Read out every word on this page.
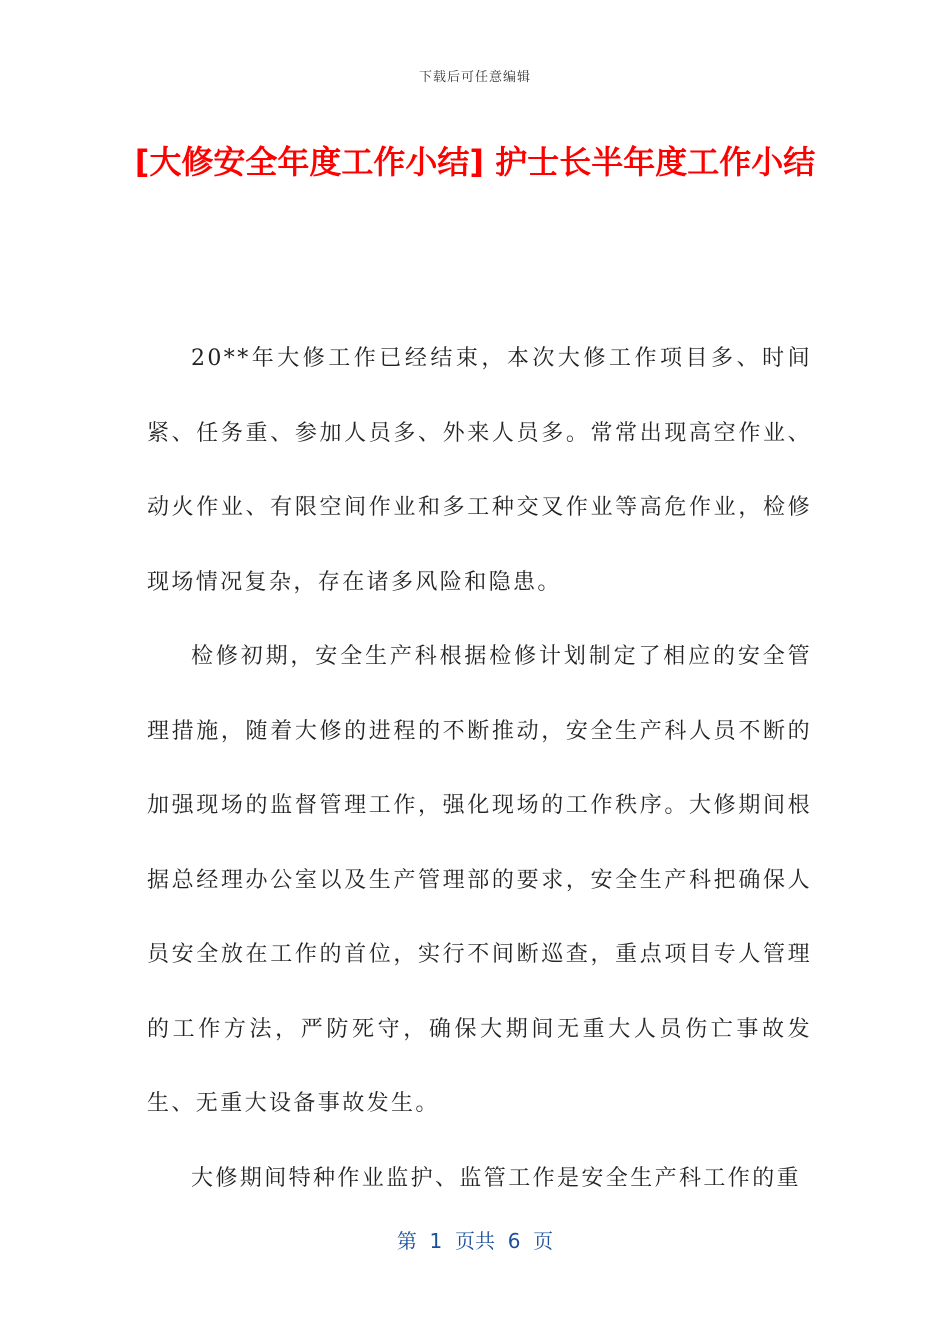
下载后可任意编辑
[大修安全年度工作小结] 护士长半年度工作小结

20**年大修工作已经结束，本次大修工作项目多、时间紧、任务重、参加人员多、外来人员多。常常出现高空作业、动火作业、有限空间作业和多工种交叉作业等高危作业，检修现场情况复杂，存在诸多风险和隐患。

检修初期，安全生产科根据检修计划制定了相应的安全管理措施，随着大修的进程的不断推动，安全生产科人员不断的加强现场的监督管理工作，强化现场的工作秩序。大修期间根据总经理办公室以及生产管理部的要求，安全生产科把确保人员安全放在工作的首位，实行不间断巡查，重点项目专人管理的工作方法，严防死守，确保大期间无重大人员伤亡事故发生、无重大设备事故发生。

大修期间特种作业监护、监管工作是安全生产科工作的重

第  1  页共  6  页
